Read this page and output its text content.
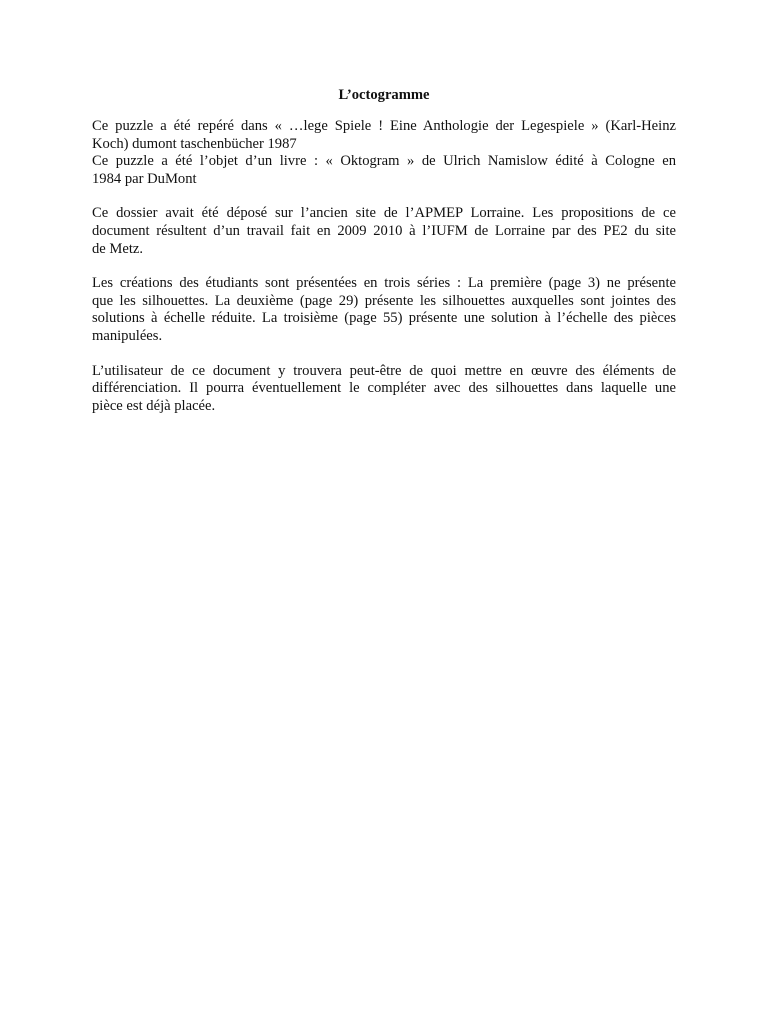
L’octogramme
Ce puzzle a été repéré dans « …lege Spiele ! Eine Anthologie der Legespiele » (Karl-Heinz
Koch) dumont taschenbücher 1987
Ce puzzle a été l’objet d’un livre : « Oktogram » de Ulrich Namislow édité à Cologne en
1984 par DuMont
Ce dossier avait été déposé sur l’ancien site de l’APMEP Lorraine. Les propositions de ce
document résultent d’un travail fait en 2009 2010 à l’IUFM de Lorraine par des PE2 du site
de Metz.
Les créations des étudiants sont présentées en trois séries : La première (page 3) ne présente
que les silhouettes. La deuxième (page 29) présente les silhouettes auxquelles sont jointes des
solutions à échelle réduite. La troisième (page 55) présente une solution à l’échelle des pièces
manipulées.
L’utilisateur de ce document y trouvera peut-être de quoi mettre en œuvre des éléments de
différenciation. Il pourra éventuellement le compléter avec des silhouettes dans laquelle une
pièce est déjà placée.
